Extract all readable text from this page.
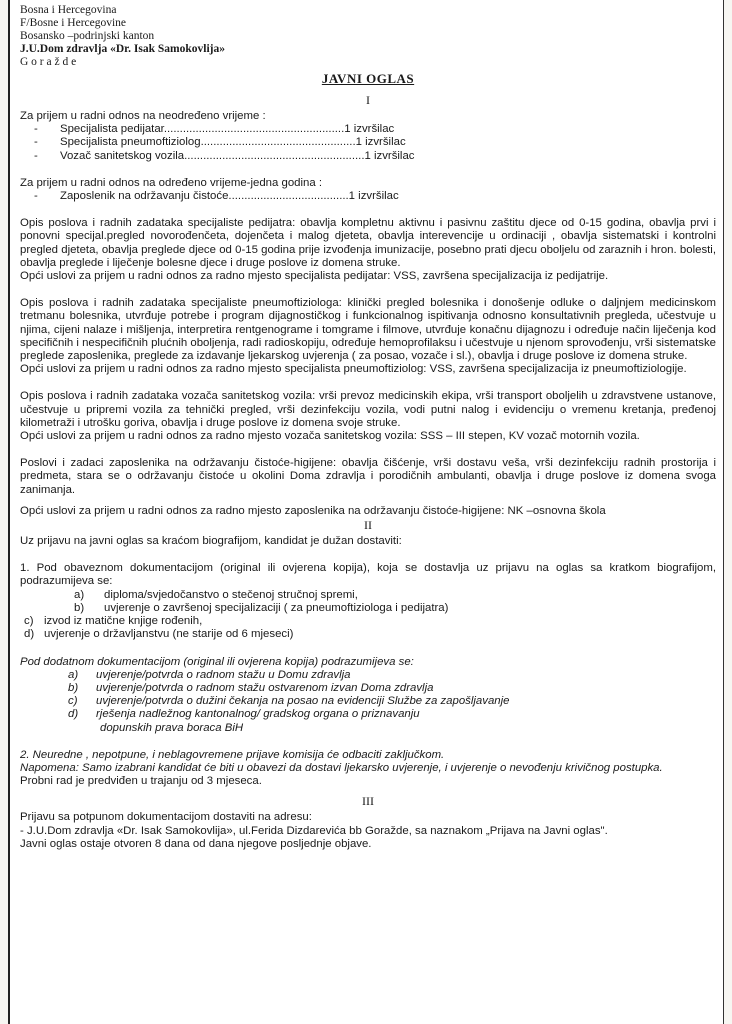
Bosna i Hercegovina
F/Bosne i Hercegovine
Bosansko –podrinjski kanton
J.U.Dom zdravlja «Dr. Isak Samokovlija»
G o r a ž d e
JAVNI OGLAS
I

Za prijem u radni odnos na neodređeno vrijeme :

-	Specijalista pedijatar.........................................................1 izvršilac
-	Specijalista pneumoftiziolog.................................................1 izvršilac
-	Vozač sanitetskog vozila.........................................................1 izvršilac

Za prijem u radni odnos na određeno vrijeme-jedna godina :

-	Zaposlenik na održavanju čistoće......................................1 izvršilac

Opis poslova i radnih zadataka specijaliste pedijatra: obavlja kompletnu aktivnu i pasivnu zaštitu djece od 0-15 godina, obavlja prvi i ponovni specijal.pregled novorođenčeta, dojenčeta i malog djeteta, obavlja interevencije u ordinaciji , obavlja sistematski i kontrolni pregled djeteta, obavlja preglede djece od 0-15 godina prije izvođenja imunizacije, posebno prati djecu oboljelu od zaraznih i hron. bolesti, obavlja preglede i liječenje bolesne djece i druge poslove iz domena struke.

Opći uslovi za prijem u radni odnos za radno mjesto specijalista pedijatar: VSS, završena specijalizacija iz pedijatrije.

Opis poslova i radnih zadataka specijaliste pneumoftiziologa: klinički pregled bolesnika i donošenje odluke o daljnjem medicinskom tretmanu bolesnika, utvrđuje potrebe i program dijagnostičkog i funkcionalnog ispitivanja odnosno konsultativnih pregleda, učestvuje u njima, cijeni nalaze i mišljenja, interpretira rentgenograme i tomgrame i filmove, utvrđuje konačnu dijagnozu i određuje način liječenja kod specifičnih i nespecifičnih plućnih oboljenja, radi radioskopiju, određuje hemoprofilaksu i učestvuje u njenom sprovođenju, vrši sistematske preglede zaposlenika, preglede za izdavanje ljekarskog uvjerenja ( za posao, vozače i sl.), obavlja i druge poslove iz domena struke.

Opći uslovi za prijem u radni odnos za radno mjesto specijalista pneumoftiziolog: VSS, završena specijalizacija iz pneumoftiziologije.

Opis poslova i radnih zadataka vozača sanitetskog vozila: vrši prevoz medicinskih ekipa, vrši transport oboljelih u zdravstvene ustanove, učestvuje u pripremi vozila za tehnički pregled, vrši dezinfekciju vozila, vodi putni nalog i evidenciju o vremenu kretanja, pređenoj kilometraži i utrošku goriva, obavlja i druge poslove iz domena svoje struke.

Opći uslovi za prijem u radni odnos za radno mjesto vozača sanitetskog vozila: SSS – III stepen, KV vozač motornih vozila.

Poslovi i zadaci zaposlenika na održavanju čistoće-higijene: obavlja čišćenje, vrši dostavu veša, vrši dezinfekciju radnih prostorija i predmeta, stara se o održavanju čistoće u okolini Doma zdravlja i porodičnih ambulanti, obavlja i druge poslove iz domena svoga zanimanja.

Opći uslovi za prijem u radni odnos za radno mjesto zaposlenika na održavanju čistoće-higijene: NK –osnovna škola

II

Uz prijavu na javni oglas sa kraćom biografijom, kandidat je dužan dostaviti:

1. Pod obaveznom dokumentacijom (original ili ovjerena kopija), koja se dostavlja uz prijavu na oglas sa kratkom biografijom, podrazumijeva se:

a)	diploma/svjedočanstvo o stečenoj stručnoj spremi,
b)	uvjerenje o završenoj specijalizaciji ( za pneumoftiziologa i pedijatra)
c) izvod iz matične knjige rođenih,
d) uvjerenje o državljanstvu (ne starije od 6 mjeseci)

Pod dodatnom dokumentacijom (original ili ovjerena kopija) podrazumijeva se:

a)	uvjerenje/potvrda o radnom stažu u Domu zdravlja
b)	uvjerenje/potvrda o radnom stažu ostvarenom izvan Doma zdravlja
c)	uvjerenje/potvrda o dužini čekanja na posao na evidenciji Službe za zapošljavanje
d)	rješenja nadležnog kantonalnog/ gradskog organa o priznavanju
dopunskih prava boraca BiH

2. Neuredne , nepotpune, i neblagovremene prijave komisija će odbaciti zaključkom.

Napomena: Samo izabrani kandidat će biti u obavezi da dostavi ljekarsko uvjerenje, i uvjerenje o nevođenju krivičnog postupka.

Probni rad je predviđen u trajanju od 3 mjeseca.

III

Prijavu sa potpunom dokumentacijom dostaviti na adresu:

- J.U.Dom zdravlja «Dr. Isak Samokovlija», ul.Ferida Dizdarevića bb Goražde, sa naznakom „Prijava na Javni oglas".

Javni oglas ostaje otvoren 8 dana od dana njegove posljednje objave.
